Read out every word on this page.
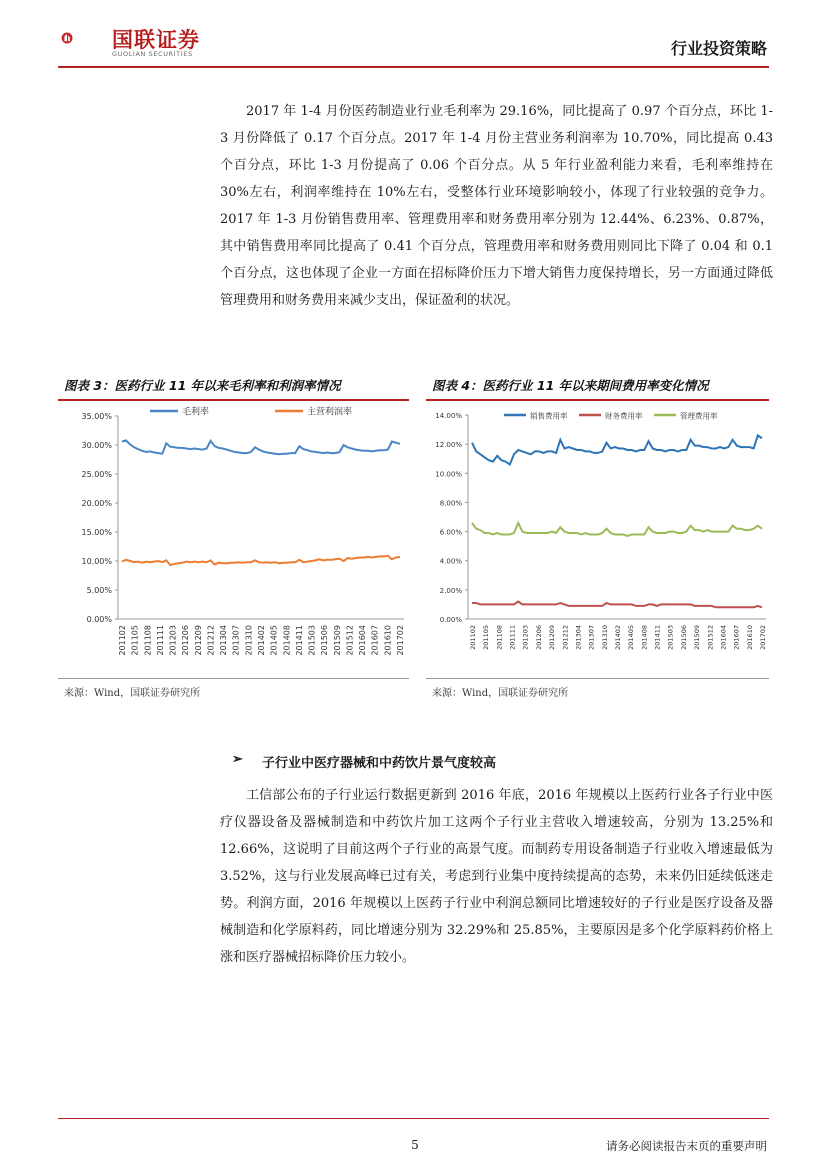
国联证券
GUOLIAN SECURITIES	行业投资策略
2017 年 1-4 月份医药制造业行业毛利率为 29.16%，同比提高了 0.97 个百分点，环比 1-3 月份降低了 0.17 个百分点。2017 年 1-4 月份主营业务利润率为 10.70%，同比提高 0.43 个百分点，环比 1-3 月份提高了 0.06 个百分点。从 5 年行业盈利能力来看，毛利率维持在 30%左右，利润率维持在 10%左右，受整体行业环境影响较小，体现了行业较强的竞争力。2017 年 1-3 月份销售费用率、管理费用率和财务费用率分别为 12.44%、6.23%、0.87%，其中销售费用率同比提高了 0.41 个百分点，管理费用率和财务费用则同比下降了 0.04 和 0.1 个百分点，这也体现了企业一方面在招标降价压力下增大销售力度保持增长，另一方面通过降低管理费用和财务费用来减少支出，保证盈利的状况。
图表 3：医药行业 11 年以来毛利率和利润率情况
35.00%
30.00%
25.00%
20.00%
15.00%
10.00%
5.00%
0.00%
201102 201105 201108 201111 201203 201206 201209 201212 201304 201307 201310 201402 201405 201408 201411 201503 201506 201509 201512 201604 201607 201610 201702
毛利率	主营利润率
来源：Wind，国联证券研究所
图表 4：医药行业 11 年以来期间费用率变化情况
14.00%
12.00%
10.00%
8.00%
6.00%
4.00%
2.00%
0.00%
201102 201105 201108 201111 201203 201206 201209 201212 201304 201307 201310 201402 201405 201408 201411 201503 201506 201509 201512 201604 201607 201610 201702
销售费用率	财务费用率	管理费用率
来源：Wind，国联证券研究所
➢ 子行业中医疗器械和中药饮片景气度较高
工信部公布的子行业运行数据更新到 2016 年底，2016 年规模以上医药行业各子行业中医疗仪器设备及器械制造和中药饮片加工这两个子行业主营收入增速较高，分别为 13.25%和 12.66%，这说明了目前这两个子行业的高景气度。而制药专用设备制造子行业收入增速最低为 3.52%，这与行业发展高峰已过有关，考虑到行业集中度持续提高的态势，未来仍旧延续低迷走势。利润方面，2016 年规模以上医药子行业中利润总额同比增速较好的子行业是医疗设备及器械制造和化学原料药，同比增速分别为 32.29%和 25.85%，主要原因是多个化学原料药价格上涨和医疗器械招标降价压力较小。
5	请务必阅读报告末页的重要声明
